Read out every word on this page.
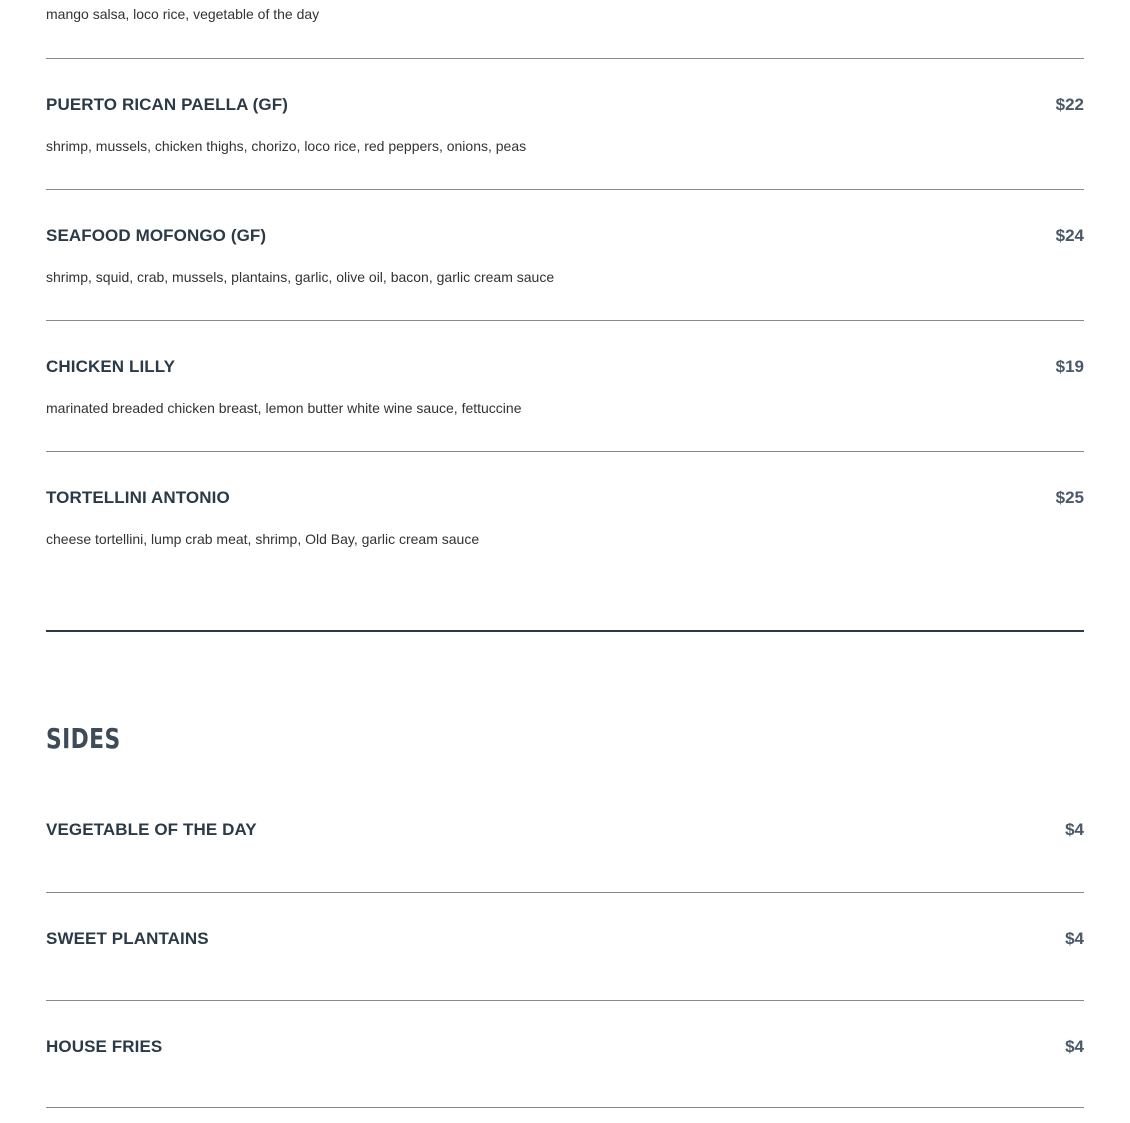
mango salsa, loco rice, vegetable of the day
PUERTO RICAN PAELLA (GF)	$22
shrimp, mussels, chicken thighs, chorizo, loco rice, red peppers, onions, peas
SEAFOOD MOFONGO (GF)	$24
shrimp, squid, crab, mussels, plantains, garlic, olive oil, bacon, garlic cream sauce
CHICKEN LILLY	$19
marinated breaded chicken breast, lemon butter white wine sauce, fettuccine
TORTELLINI ANTONIO	$25
cheese tortellini, lump crab meat, shrimp, Old Bay, garlic cream sauce
SIDES
VEGETABLE OF THE DAY	$4
SWEET PLANTAINS	$4
HOUSE FRIES	$4
